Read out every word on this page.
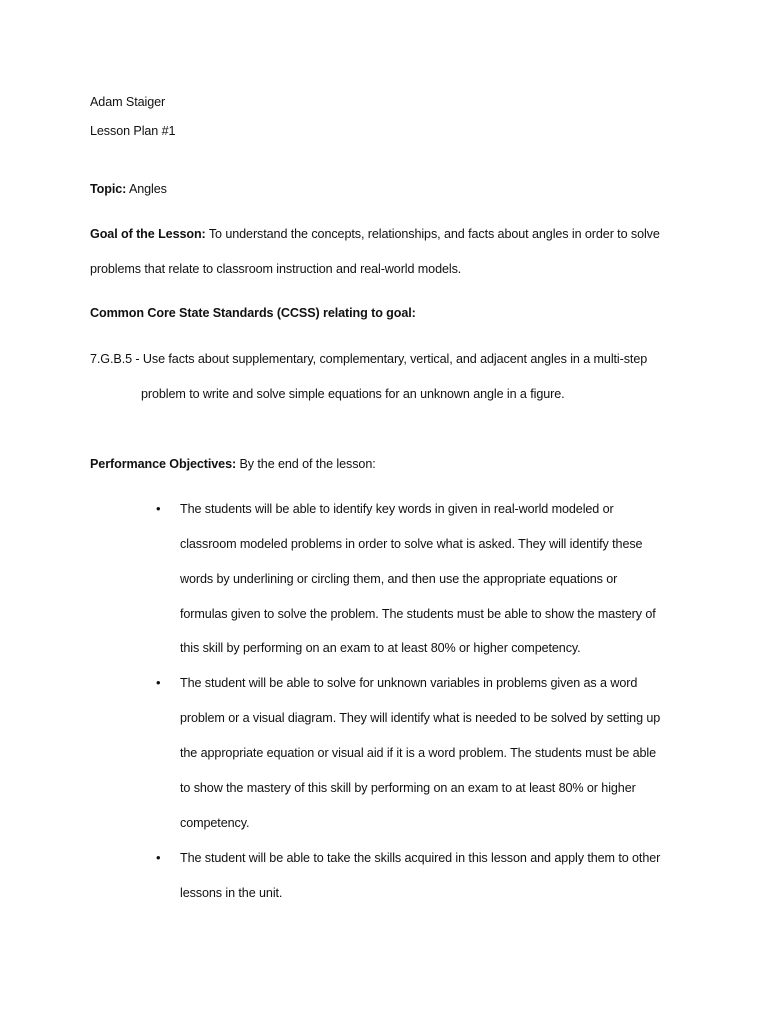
Adam Staiger
Lesson Plan #1
Topic: Angles
Goal of the Lesson: To understand the concepts, relationships, and facts about angles in order to solve
problems that relate to classroom instruction and real-world models.
Common Core State Standards (CCSS) relating to goal:
7.G.B.5 - Use facts about supplementary, complementary, vertical, and adjacent angles in a multi-step
problem to write and solve simple equations for an unknown angle in a figure.
Performance Objectives: By the end of the lesson:
• The students will be able to identify key words in given in real-world modeled or
classroom modeled problems in order to solve what is asked. They will identify these
words by underlining or circling them, and then use the appropriate equations or
formulas given to solve the problem. The students must be able to show the mastery of
this skill by performing on an exam to at least 80% or higher competency.
• The student will be able to solve for unknown variables in problems given as a word
problem or a visual diagram. They will identify what is needed to be solved by setting up
the appropriate equation or visual aid if it is a word problem. The students must be able
to show the mastery of this skill by performing on an exam to at least 80% or higher
competency.
• The student will be able to take the skills acquired in this lesson and apply them to other
lessons in the unit.
